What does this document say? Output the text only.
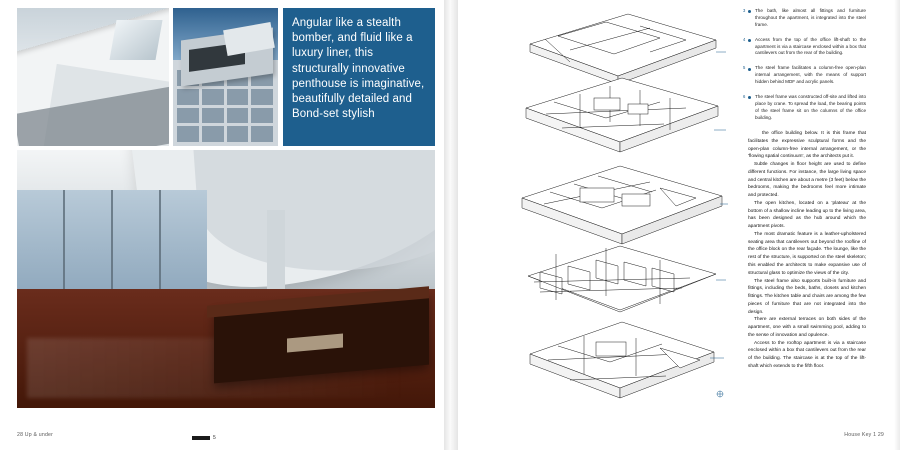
Angular like a stealth bomber, and fluid like a luxury liner, this structurally innovative penthouse is imaginative, beautifully detailed and Bond-set stylish

28 Up & under	5
3 The bath, like almost all fittings and furniture throughout the apartment, is integrated into the steel frame.
4 Access from the top of the office lift-shaft to the apartment is via a staircase enclosed within a box that cantilevers out from the rear of the building.
5 The steel frame facilitates a column-free open-plan internal arrangement, with the means of support hidden behind MDF and acrylic panels.
6 The steel frame was constructed off-site and lifted into place by crane. To spread the load, the bearing points of the steel frame sit on the columns of the office building.

the office building below. It is this frame that facilitates the expressive sculptural forms and the open-plan column-free internal arrangement, or the 'flowing spatial continuum', as the architects put it.

Subtle changes in floor height are used to define different functions. For instance, the large living space and central kitchen are about a metre (3 feet) below the bedrooms, making the bedrooms feel more intimate and protected.

The open kitchen, located on a 'plateau' at the bottom of a shallow incline leading up to the living area, has been designed as the hub around which the apartment pivots.

The most dramatic feature is a leather-upholstered seating area that cantilevers out beyond the roofline of the office block on the rear façade. The lounge, like the rest of the structure, is supported on the steel skeleton; this enabled the architects to make expansive use of structural glass to optimize the views of the city.

The steel frame also supports built-in furniture and fittings, including the beds, baths, closets and kitchen fittings. The kitchen table and chairs are among the few pieces of furniture that are not integrated into the design.

There are external terraces on both sides of the apartment, one with a small swimming pool, adding to the sense of innovation and opulence.

Access to the rooftop apartment is via a staircase enclosed within a box that cantilevers out from the rear of the building. The staircase is at the top of the lift-shaft which extends to the fifth floor.

House Key 1 29
